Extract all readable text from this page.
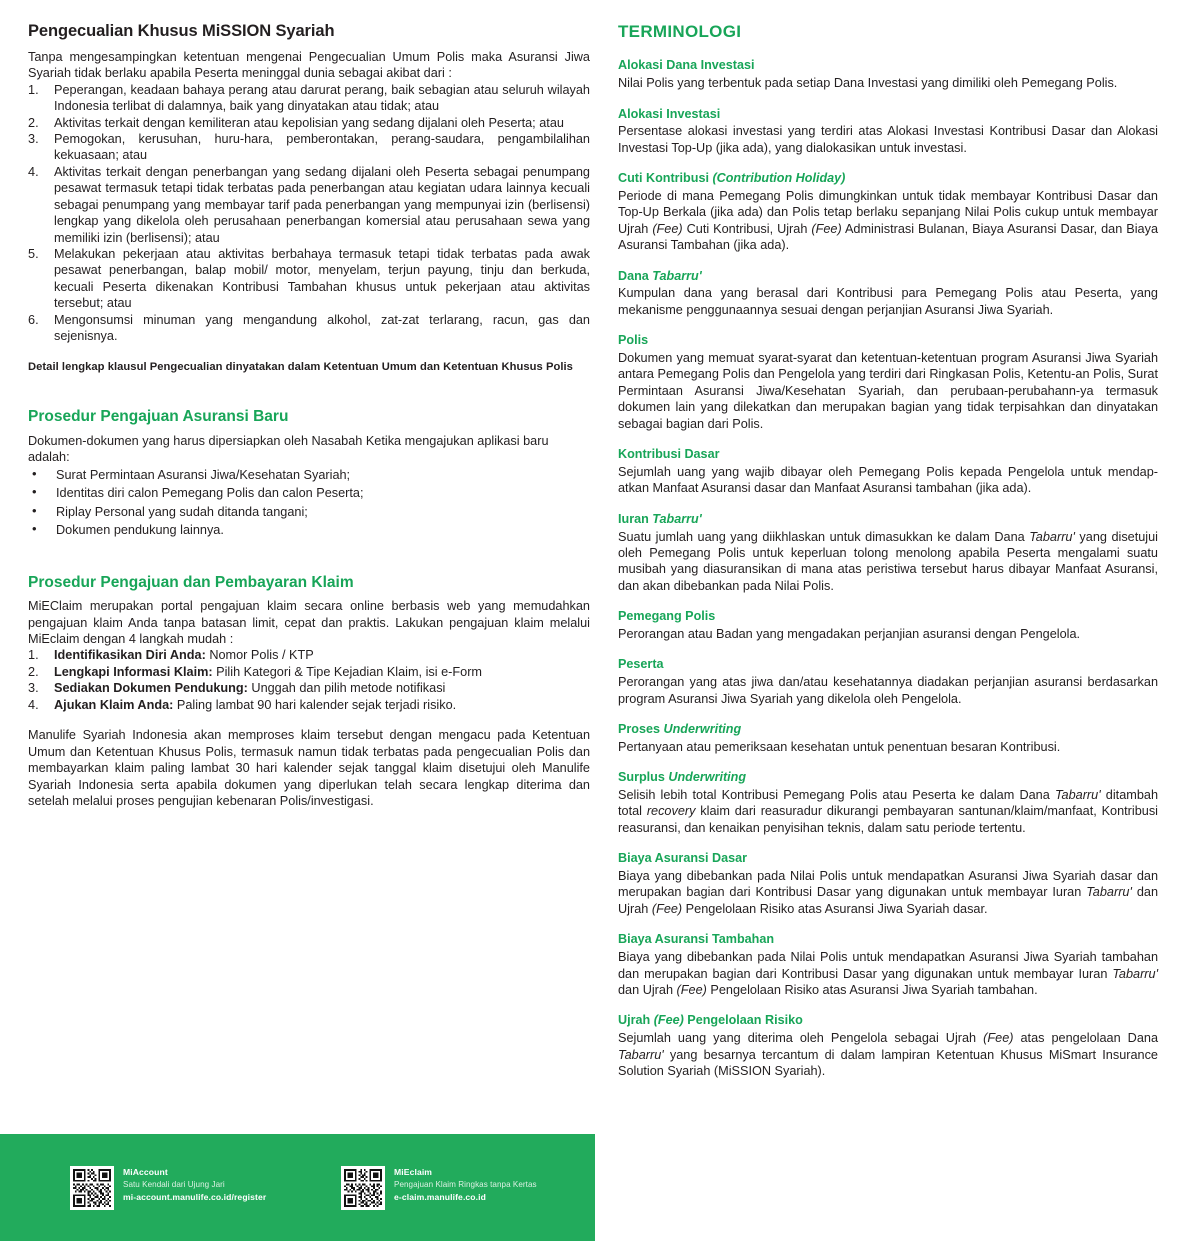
Pengecualian Khusus MiSSION Syariah

Tanpa mengesampingkan ketentuan mengenai Pengecualian Umum Polis maka Asuransi Jiwa Syariah tidak berlaku apabila Peserta meninggal dunia sebagai akibat dari :

Peperangan, keadaan bahaya perang atau darurat perang, baik sebagian atau seluruh wilayah Indonesia terlibat di dalamnya, baik yang dinyatakan atau tidak; atau
Aktivitas terkait dengan kemiliteran atau kepolisian yang sedang dijalani oleh Peserta; atau
Pemogokan, kerusuhan, huru-hara, pemberontakan, perang-saudara, pengambilalihan kekuasaan; atau
Aktivitas terkait dengan penerbangan yang sedang dijalani oleh Peserta sebagai penumpang pesawat termasuk tetapi tidak terbatas pada penerbangan atau kegiatan udara lainnya kecuali sebagai penumpang yang membayar tarif pada penerbangan yang mempunyai izin (berlisensi) lengkap yang dikelola oleh perusahaan penerbangan komersial atau perusahaan sewa yang memiliki izin (berlisensi); atau
Melakukan pekerjaan atau aktivitas berbahaya termasuk tetapi tidak terbatas pada awak pesawat penerbangan, balap mobil/ motor, menyelam, terjun payung, tinju dan berkuda, kecuali Peserta dikenakan Kontribusi Tambahan khusus untuk pekerjaan atau aktivitas tersebut; atau
Mengonsumsi minuman yang mengandung alkohol, zat-zat terlarang, racun, gas dan sejenisnya.

Detail lengkap klausul Pengecualian dinyatakan dalam Ketentuan Umum dan Ketentuan Khusus Polis

Prosedur Pengajuan Asuransi Baru

Dokumen-dokumen yang harus dipersiapkan oleh Nasabah Ketika mengajukan aplikasi baru adalah:

• Surat Permintaan Asuransi Jiwa/Kesehatan Syariah;
• Identitas diri calon Pemegang Polis dan calon Peserta;
• Riplay Personal yang sudah ditanda tangani;
• Dokumen pendukung lainnya.
Prosedur Pengajuan dan Pembayaran Klaim

MiEClaim merupakan portal pengajuan klaim secara online berbasis web yang memudahkan pengajuan klaim Anda tanpa batasan limit, cepat dan praktis. Lakukan pengajuan klaim melalui MiEclaim dengan 4 langkah mudah :

Identifikasikan Diri Anda: Nomor Polis / KTP
Lengkapi Informasi Klaim: Pilih Kategori & Tipe Kejadian Klaim, isi e-Form
Sediakan Dokumen Pendukung: Unggah dan pilih metode notifikasi
Ajukan Klaim Anda: Paling lambat 90 hari kalender sejak terjadi risiko.

Manulife Syariah Indonesia akan memproses klaim tersebut dengan mengacu pada Ketentuan Umum dan Ketentuan Khusus Polis, termasuk namun tidak terbatas pada pengecualian Polis dan membayarkan klaim paling lambat 30 hari kalender sejak tanggal klaim disetujui oleh Manulife Syariah Indonesia serta apabila dokumen yang diperlukan telah secara lengkap diterima dan setelah melalui proses pengujian kebenaran Polis/investigasi.

TERMINOLOGI
Alokasi Dana Investasi

Nilai Polis yang terbentuk pada setiap Dana Investasi yang dimiliki oleh Pemegang Polis.

Alokasi Investasi

Persentase alokasi investasi yang terdiri atas Alokasi Investasi Kontribusi Dasar dan Alokasi Investasi Top-Up (jika ada), yang dialokasikan untuk investasi.

Cuti Kontribusi (Contribution Holiday)

Periode di mana Pemegang Polis dimungkinkan untuk tidak membayar Kontribusi Dasar dan Top-Up Berkala (jika ada) dan Polis tetap berlaku sepanjang Nilai Polis cukup untuk membayar Ujrah (Fee) Cuti Kontribusi, Ujrah (Fee) Administrasi Bulanan, Biaya Asuransi Dasar, dan Biaya Asuransi Tambahan (jika ada).

Dana Tabarru'

Kumpulan dana yang berasal dari Kontribusi para Pemegang Polis atau Peserta, yang mekanisme penggunaannya sesuai dengan perjanjian Asuransi Jiwa Syariah.

Polis

Dokumen yang memuat syarat-syarat dan ketentuan-ketentuan program Asuransi Jiwa Syariah antara Pemegang Polis dan Pengelola yang terdiri dari Ringkasan Polis, Ketentu-an Polis, Surat Permintaan Asuransi Jiwa/Kesehatan Syariah, dan perubaan-perubahann-ya termasuk dokumen lain yang dilekatkan dan merupakan bagian yang tidak terpisahkan dan dinyatakan sebagai bagian dari Polis.

Kontribusi Dasar

Sejumlah uang yang wajib dibayar oleh Pemegang Polis kepada Pengelola untuk mendap-atkan Manfaat Asuransi dasar dan Manfaat Asuransi tambahan (jika ada).

Iuran Tabarru'

Suatu jumlah uang yang diikhlaskan untuk dimasukkan ke dalam Dana Tabarru' yang disetujui oleh Pemegang Polis untuk keperluan tolong menolong apabila Peserta mengalami suatu musibah yang diasuransikan di mana atas peristiwa tersebut harus dibayar Manfaat Asuransi, dan akan dibebankan pada Nilai Polis.

Pemegang Polis

Perorangan atau Badan yang mengadakan perjanjian asuransi dengan Pengelola.

Peserta

Perorangan yang atas jiwa dan/atau kesehatannya diadakan perjanjian asuransi berdasarkan program Asuransi Jiwa Syariah yang dikelola oleh Pengelola.

Proses Underwriting

Pertanyaan atau pemeriksaan kesehatan untuk penentuan besaran Kontribusi.

Surplus Underwriting

Selisih lebih total Kontribusi Pemegang Polis atau Peserta ke dalam Dana Tabarru' ditambah total recovery klaim dari reasuradur dikurangi pembayaran santunan/klaim/manfaat, Kontribusi reasuransi, dan kenaikan penyisihan teknis, dalam satu periode tertentu.

Biaya Asuransi Dasar

Biaya yang dibebankan pada Nilai Polis untuk mendapatkan Asuransi Jiwa Syariah dasar dan merupakan bagian dari Kontribusi Dasar yang digunakan untuk membayar Iuran Tabarru' dan Ujrah (Fee) Pengelolaan Risiko atas Asuransi Jiwa Syariah dasar.

Biaya Asuransi Tambahan

Biaya yang dibebankan pada Nilai Polis untuk mendapatkan Asuransi Jiwa Syariah tambahan dan merupakan bagian dari Kontribusi Dasar yang digunakan untuk membayar Iuran Tabarru' dan Ujrah (Fee) Pengelolaan Risiko atas Asuransi Jiwa Syariah tambahan.

Ujrah (Fee) Pengelolaan Risiko

Sejumlah uang yang diterima oleh Pengelola sebagai Ujrah (Fee) atas pengelolaan Dana Tabarru' yang besarnya tercantum di dalam lampiran Ketentuan Khusus MiSmart Insurance Solution Syariah (MiSSION Syariah).

MiAccount
Satu Kendali dari Ujung Jari
mi-account.manulife.co.id/register
MiEclaim
Pengajuan Klaim Ringkas tanpa Kertas
e-claim.manulife.co.id
